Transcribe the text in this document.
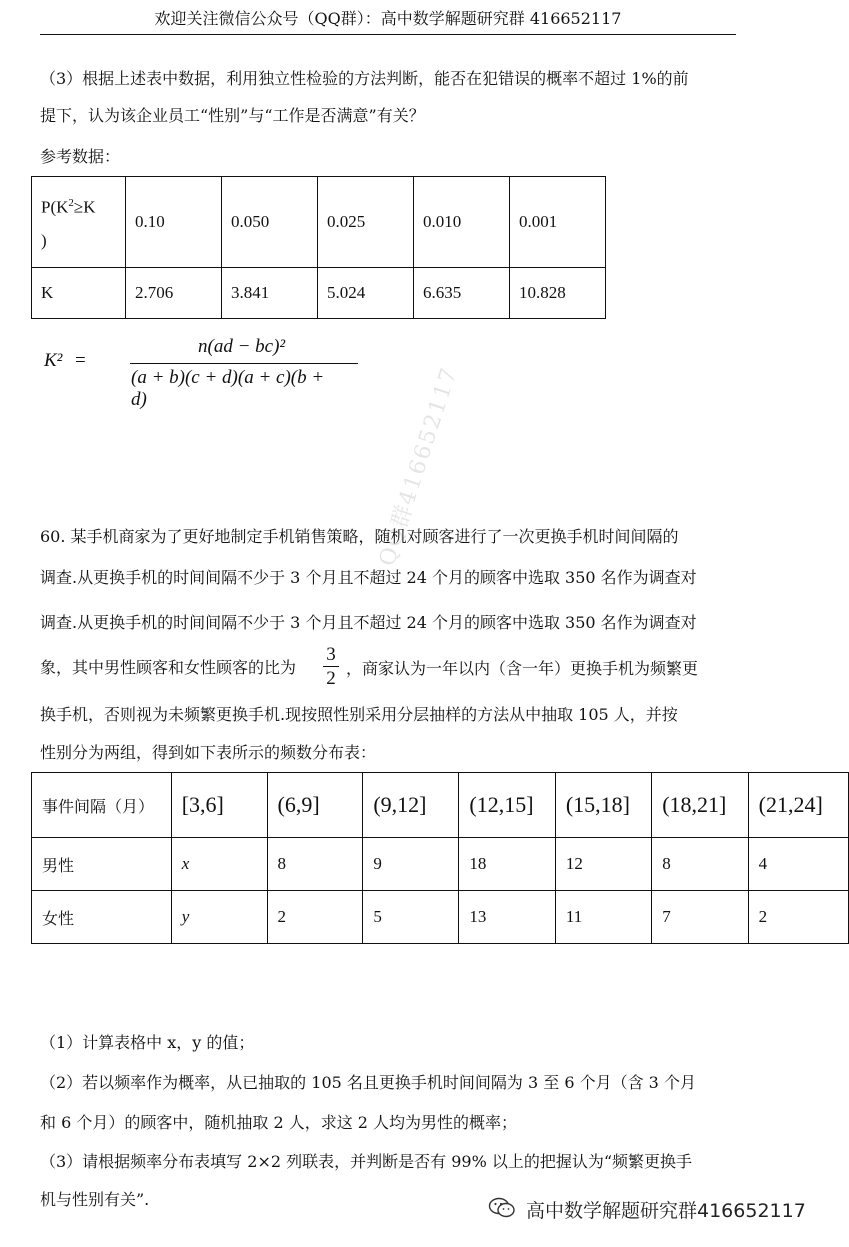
欢迎关注微信公众号（QQ群）：高中数学解题研究群 416652117
（3）根据上述表中数据，利用独立性检验的方法判断，能否在犯错误的概率不超过 1%的前
提下，认为该企业员工“性别”与“工作是否满意”有关？
参考数据：
$P(K^2\ge K$
)	0.10	0.050	0.025	0.010	0.001
K	2.706	3.841	5.024	6.635	10.828
K² =
n(ad − bc)²
(a + b)(c + d)(a + c)(b + d)	QQ群416652117
60. 某手机商家为了更好地制定手机销售策略，随机对顾客进行了一次更换手机时间间隔的
调查.从更换手机的时间间隔不少于 3 个月且不超过 24 个月的顾客中选取 350 名作为调查对
调查.从更换手机的时间间隔不少于 3 个月且不超过 24 个月的顾客中选取 350 名作为调查对
象，其中男性顾客和女性顾客的比为
3
2 ，商家认为一年以内（含一年）更换手机为频繁更
换手机，否则视为未频繁更换手机.现按照性别采用分层抽样的方法从中抽取 105 人，并按
性别分为两组，得到如下表所示的频数分布表：
事件间隔（月）	[3,6]	(6,9]	(9,12]	(12,15]	(15,18]	(18,21]	(21,24]
男性	x	8	9	18	12	8	4
女性	y	2	5	13	11	7	2
（1）计算表格中 x，y 的值；
（2）若以频率作为概率，从已抽取的 105 名且更换手机时间间隔为 3 至 6 个月（含 3 个月
和 6 个月）的顾客中，随机抽取 2 人，求这 2 人均为男性的概率；
（3）请根据频率分布表填写 2×2 列联表，并判断是否有 99% 以上的把握认为“频繁更换手
机与性别有关”.
高中数学解题研究群416652117
